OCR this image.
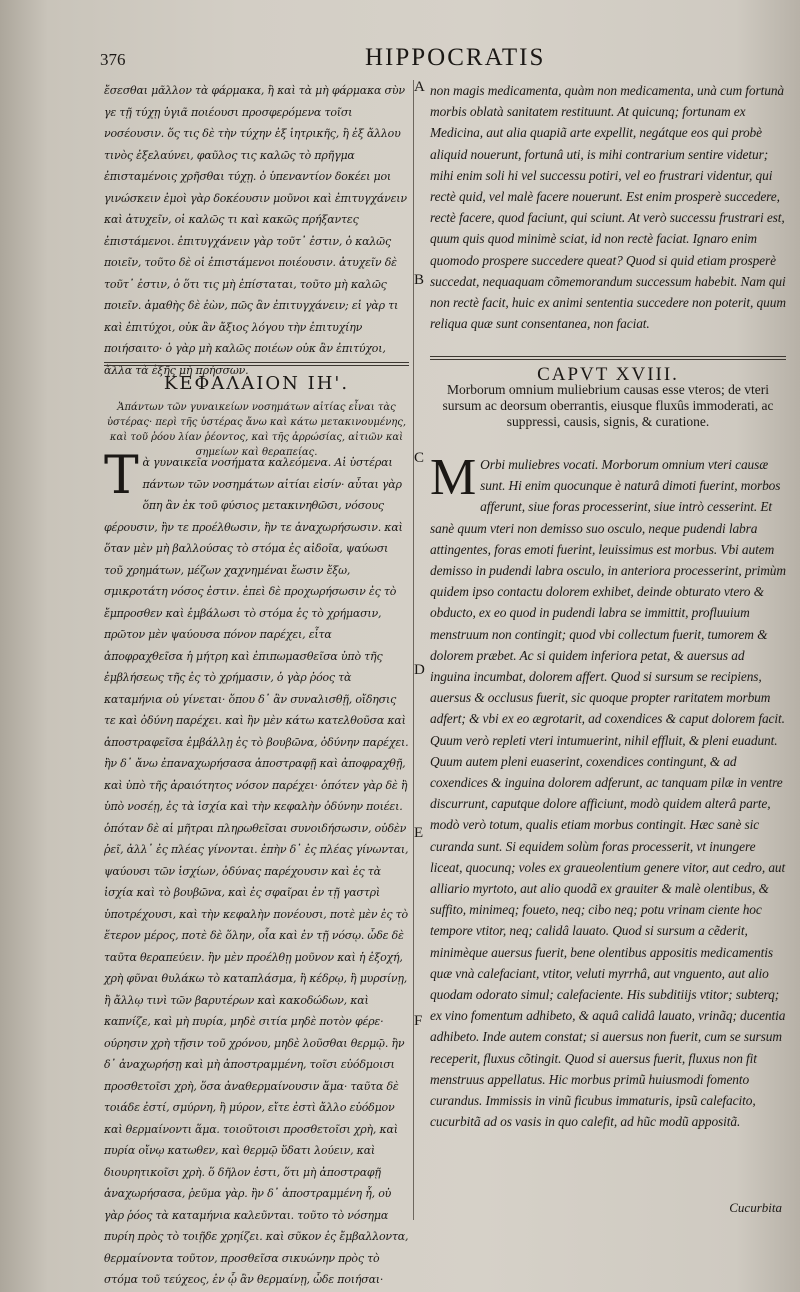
376	HIPPOCRATIS

ἔσεσθαι μᾶλλον τὰ φάρμακα, ἢ καὶ τὰ μὴ φάρμακα σὺν γε τῇ τύχῃ ὑγιᾶ ποιέουσι προσφερόμενα τοῖσι νοσέουσιν. ὅς τις δὲ τὴν τύχην ἐξ ἰητρικῆς, ἢ ἐξ ἄλλου τινὸς ἐξελαύνει, φαῦλος τις καλῶς τὸ πρῆγμα ἐπισταμένοις χρῆσθαι τύχῃ. ὁ ὑπεναντίον δοκέει μοι γινώσκειν ἐμοὶ γὰρ δοκέουσιν μοῦνοι καὶ ἐπιτυγχάνειν καὶ ἀτυχεῖν, οἱ καλῶς τι καὶ κακῶς πρήξαντες ἐπιστάμενοι. ἐπιτυγχάνειν γὰρ τοῦτ᾽ ἐστιν, ὁ καλῶς ποιεῖν, τοῦτο δὲ οἱ ἐπιστάμενοι ποιέουσιν. ἀτυχεῖν δὲ τοῦτ᾽ ἐστιν, ὁ ὅτι τις μὴ ἐπίσταται, τοῦτο μὴ καλῶς ποιεῖν. ἀμαθὴς δὲ ἐὼν, πῶς ἂν ἐπιτυγχάνειν; εἰ γὰρ τι καὶ ἐπιτύχοι, οὐκ ἂν ἄξιος λόγου τὴν ἐπιτυχίην ποιήσαιτο· ὁ γὰρ μὴ καλῶς ποιέων οὐκ ἂν ἐπιτύχοι, ἄλλα τὰ ἑξῆς μὴ πρήσσων.

ΚΕΦΑΛΑΙΟΝ ΙΗ'.

Ἁπάντων τῶν γυναικείων νοσημάτων αἰτίας εἶναι τὰς ὑστέρας· περὶ τῆς ὑστέρας ἄνω καὶ κάτω μετακινουμένης, καὶ τοῦ ῥόου λίαν ῥέοντος, καὶ τῆς ἀρρώσίας, αἰτιῶν καὶ σημείων καὶ θεραπείας.

Τὰ γυναικεῖα νοσήματα καλεόμενα. Αἱ ὑστέραι πάντων τῶν νοσημάτων αἰτίαι εἰσίν· αὗται γὰρ ὅπη ἂν ἐκ τοῦ φύσιος μετακινηθῶσι, νόσους φέρουσιν, ἢν τε προέλθωσιν, ἢν τε ἀναχωρήσωσιν. καὶ ὅταν μὲν μὴ βαλλούσας τὸ στόμα ἐς αἰδοῖα, ψαύωσι τοῦ χρημάτων, μέζων χαχνημέναι ἔωσιν ἔξω, σμικροτάτη νόσος ἐστιν. ἐπεὶ δὲ προχωρήσωσιν ἐς τὸ ἔμπροσθεν καὶ ἐμβάλωσι τὸ στόμα ἐς τὸ χρήμασιν, πρῶτον μὲν ψαύουσα πόνον παρέχει, εἶτα ἀποφραχθεῖσα ἡ μήτρη καὶ ἐπιπωμασθεῖσα ὑπὸ τῆς ἐμβλήσεως τῆς ἐς τὸ χρήμασιν, ὁ γὰρ ῥόος τὰ καταμήνια οὐ γίνεται· ὅπου δ᾽ ἂν συναλισθῇ, οἴδησις τε καὶ ὀδύνη παρέχει. καὶ ἢν μὲν κάτω κατελθοῦσα καὶ ἀποστραφεῖσα ἐμβάλλῃ ἐς τὸ βουβῶνα, ὀδύνην παρέχει. ἢν δ᾽ ἄνω ἐπαναχωρήσασα ἀποστραφῇ καὶ ἀποφραχθῇ, καὶ ὑπὸ τῆς ἀραιότητος νόσον παρέχει· ὁπότεν γὰρ δὲ ἢ ὑπὸ νοσέῃ, ἐς τὰ ἰσχία καὶ τὴν κεφαλὴν ὀδύνην ποιέει. ὁπόταν δὲ αἱ μῆτραι πληρωθεῖσαι συνοιδήσωσιν, οὐδὲν ῥεῖ, ἀλλ᾽ ἐς πλέας γίνονται. ἐπὴν δ᾽ ἐς πλέας γίνωνται, ψαύουσι τῶν ἰσχίων, ὀδύνας παρέχουσιν καὶ ἐς τὰ ἰσχία καὶ τὸ βουβῶνα, καὶ ἐς σφαῖραι ἐν τῇ γαστρὶ ὑποτρέχουσι, καὶ τὴν κεφαλὴν πονέουσι, ποτὲ μὲν ἐς τὸ ἕτερον μέρος, ποτὲ δὲ ὅλην, οἷα καὶ ἐν τῇ νόσῳ. ὧδε δὲ ταῦτα θεραπεύειν. ἢν μὲν προέλθῃ μοῦνον καὶ ἡ ἐξοχή, χρὴ φῦναι θυλάκω τὸ καταπλάσμα, ἢ κέδρῳ, ἢ μυρσίνῃ, ἢ ἄλλῳ τινὶ τῶν βαρυτέρων καὶ κακοδώδων, καὶ καπνίζε, καὶ μὴ πυρία, μηδὲ σιτία μηδὲ ποτὸν φέρε· ούρησιν χρὴ τῇσιν τοῦ χρόνου, μηδὲ λοῦσθαι θερμῷ. ἢν δ᾽ ἀναχωρήσῃ καὶ μὴ ἀποστραμμένη, τοῖσι εὐόδμοισι προσθετοῖσι χρὴ, ὅσα ἀναθερμαίνουσιν ἅμα· ταῦτα δὲ τοιάδε ἐστί, σμύρνη, ἢ μύρον, εἴτε ἐστὶ ἄλλο εὐόδμον καὶ θερμαίνοντι ἅμα. τοιοῦτοισι προσθετοῖσι χρὴ, καὶ πυρία οἴνῳ κατωθεν, καὶ θερμῷ ὕδατι λούειν, καὶ διουρητικοῖσι χρὴ. ὅ δῆλον ἐστι, ὅτι μὴ ἀποστραφῇ ἀναχωρήσασα, ῥεῦμα γὰρ. ἢν δ᾽ ἀποστραμμένη ἦ, οὐ γὰρ ῥόος τὰ καταμήνια καλεῦνται. τοῦτο τὸ νόσημα πυρίη πρὸς τὸ τοιῇδε χρηίζει. καὶ σῦκον ἐς ἔμβαλλοντα, θερμαίνοντα τοῦτον, προσθεῖσα σικυώνην πρὸς τὸ στόμα τοῦ τεύχεος, ἐν ᾧ ἂν θερμαίνῃ, ὧδε ποιήσαι·

non magis medicamenta, quàm non medicamenta, unà cum fortunà morbis oblatà sanitatem restituunt. At quicunq; fortunam ex Medicina, aut alia quapiã arte expellit, negátque eos qui probè aliquid nouerunt, fortunâ uti, is mihi contrarium sentire videtur; mihi enim soli hi vel successu potiri, vel eo frustrari videntur, qui rectè quid, vel malè facere nouerunt. Est enim prosperè succedere, rectè facere, quod faciunt, qui sciunt. At verò successu frustrari est, quum quis quod minimè sciat, id non rectè faciat. Ignaro enim quomodo prospere succedere queat? Quod si quid etiam prosperè succedat, nequaquam cõmemorandum successum habebit. Nam qui non rectè facit, huic ex animi sententia succedere non poterit, quum reliqua quæ sunt consentanea, non faciat.

CAPVT XVIII.

Morborum omnium muliebrium causas esse vteros; de vteri sursum ac deorsum oberrantis, eiusque fluxûs immoderati, ac suppressi, causis, signis, & curatione.

M Orbi muliebres vocati. Morborum omnium vteri causæ sunt. Hi enim quocunque è naturâ dimoti fuerint, morbos afferunt, siue foras processerint, siue intrò cesserint. Et sanè quum vteri non demisso suo osculo, neque pudendi labra attingentes, foras emoti fuerint, leuissimus est morbus. Vbi autem demisso in pudendi labra osculo, in anteriora processerint, primùm quidem ipso contactu dolorem exhibet, deinde obturato vtero & obducto, ex eo quod in pudendi labra se immittit, profluuium menstruum non contingit; quod vbi collectum fuerit, tumorem & dolorem præbet. Ac si quidem inferiora petat, & auersus ad inguina incumbat, dolorem affert. Quod si sursum se recipiens, auersus & occlusus fuerit, sic quoque propter raritatem morbum adfert; & vbi ex eo ægrotarit, ad coxendices & caput dolorem facit. Quum verò repleti vteri intumuerint, nihil effluit, & pleni euadunt. Quum autem pleni euaserint, coxendices contingunt, & ad coxendices & inguina dolorem adferunt, ac tanquam pilæ in ventre discurrunt, caputque dolore afficiunt, modò quidem alterâ parte, modò verò totum, qualis etiam morbus contingit. Hæc sanè sic curanda sunt. Si equidem solùm foras processerit, vt inungere liceat, quocunq; voles ex graueolentium genere vitor, aut cedro, aut alliario myrtoto, aut alio quodã ex grauiter & malè olentibus, & suffito, minimeq; foueto, neq; cibo neq; potu vrinam ciente hoc tempore vtitor, neq; calidâ lauato. Quod si sursum a cẽderit, minimèque auersus fuerit, bene olentibus appositis medicamentis quæ vnà calefaciant, vtitor, veluti myrrhâ, aut vnguento, aut alio quodam odorato simul; calefaciente. His subditiijs vtitor; subterq; ex vino fomentum adhibeto, & aquâ calidâ lauato, vrinãq; ducentia adhibeto. Inde autem constat; si auersus non fuerit, cum se sursum receperit, fluxus cõtingit. Quod si auersus fuerit, fluxus non fit menstruus appellatus. Hic morbus primũ huiusmodi fomento curandus. Immissis in vinũ ficubus immaturis, ipsũ calefacito, cucurbitã ad os vasis in quo calefit, ad hũc modũ appositã.
Cucurbita
A
B
C
D
E
F
